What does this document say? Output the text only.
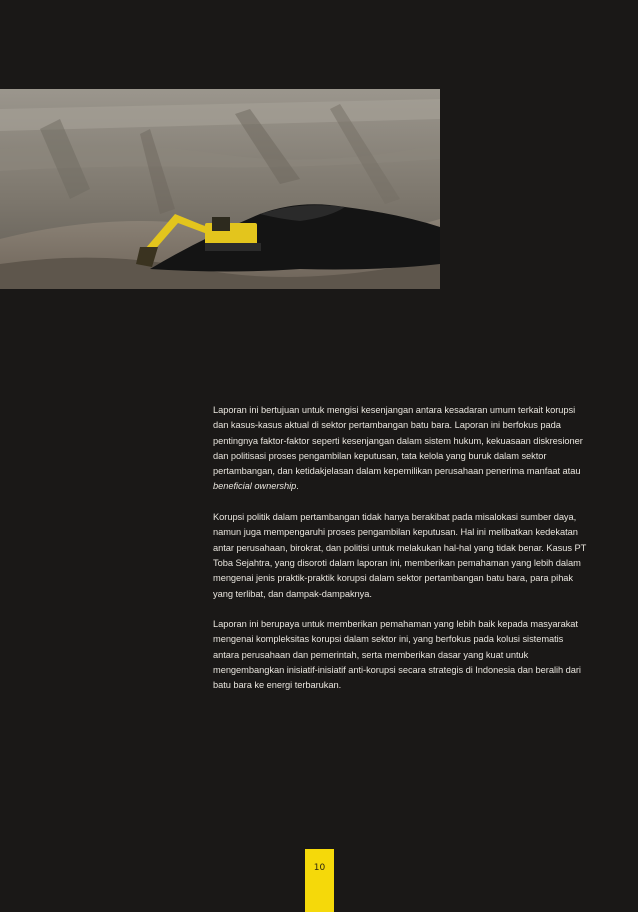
Laporan ini bertujuan untuk mengisi kesenjangan antara kesadaran umum terkait korupsi dan kasus-kasus aktual di sektor pertambangan batu bara. Laporan ini berfokus pada pentingnya faktor-faktor seperti kesenjangan dalam sistem hukum, kekuasaan diskresioner dan politisasi proses pengambilan keputusan, tata kelola yang buruk dalam sektor pertambangan, dan ketidakjelasan dalam kepemilikan perusahaan penerima manfaat atau beneficial ownership.

Korupsi politik dalam pertambangan tidak hanya berakibat pada misalokasi sumber daya, namun juga mempengaruhi proses pengambilan keputusan. Hal ini melibatkan kedekatan antar perusahaan, birokrat, dan politisi untuk melakukan hal-hal yang tidak benar. Kasus PT Toba Sejahtra, yang disoroti dalam laporan ini, memberikan pemahaman yang lebih dalam mengenai jenis praktik-praktik korupsi dalam sektor pertambangan batu bara, para pihak yang terlibat, dan dampak-dampaknya.

Laporan ini berupaya untuk memberikan pemahaman yang lebih baik kepada masyarakat mengenai kompleksitas korupsi dalam sektor ini, yang berfokus pada kolusi sistematis antara perusahaan dan pemerintah, serta memberikan dasar yang kuat untuk mengembangkan inisiatif-inisiatif anti-korupsi secara strategis di Indonesia dan beralih dari batu bara ke energi terbarukan.

10
